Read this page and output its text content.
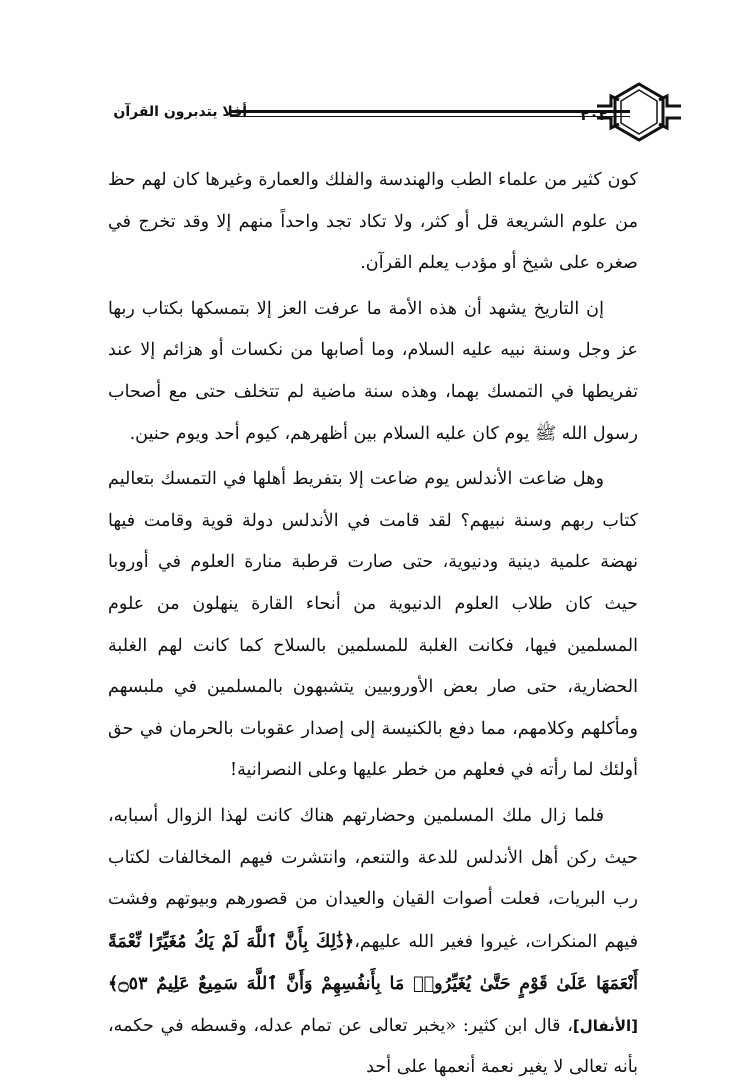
أفلا يتدبرون القرآن	٢٠٢

كون كثير من علماء الطب والهندسة والفلك والعمارة وغيرها كان لهم حظ من علوم الشريعة قل أو كثر، ولا تكاد تجد واحداً منهم إلا وقد تخرج في صغره على شيخ أو مؤدب يعلم القرآن.

إن التاريخ يشهد أن هذه الأمة ما عرفت العز إلا بتمسكها بكتاب ربها عز وجل وسنة نبيه عليه السلام، وما أصابها من نكسات أو هزائم إلا عند تفريطها في التمسك بهما، وهذه سنة ماضية لم تتخلف حتى مع أصحاب رسول الله ﷺ يوم كان عليه السلام بين أظهرهم، كيوم أحد ويوم حنين.

وهل ضاعت الأندلس يوم ضاعت إلا بتفريط أهلها في التمسك بتعاليم كتاب ربهم وسنة نبيهم؟ لقد قامت في الأندلس دولة قوية وقامت فيها نهضة علمية دينية ودنيوية، حتى صارت قرطبة منارة العلوم في أوروبا حيث كان طلاب العلوم الدنيوية من أنحاء القارة ينهلون من علوم المسلمين فيها، فكانت الغلبة للمسلمين بالسلاح كما كانت لهم الغلبة الحضارية، حتى صار بعض الأوروبيين يتشبهون بالمسلمين في ملبسهم ومأكلهم وكلامهم، مما دفع بالكنيسة إلى إصدار عقوبات بالحرمان في حق أولئك لما رأته في فعلهم من خطر عليها وعلى النصرانية!

فلما زال ملك المسلمين وحضارتهم هناك كانت لهذا الزوال أسبابه، حيث ركن أهل الأندلس للدعة والتنعم، وانتشرت فيهم المخالفات لكتاب رب البريات، فعلت أصوات القيان والعيدان من قصورهم وبيوتهم وفشت فيهم المنكرات، غيروا فغير الله عليهم،﴿ذَٰلِكَ بِأَنَّ ٱللَّهَ لَمْ يَكُ مُغَيِّرًا نِّعْمَةً أَنْعَمَهَا عَلَىٰ قَوْمٍ حَتَّىٰ يُغَيِّرُوا۟ مَا بِأَنفُسِهِمْ وَأَنَّ ٱللَّهَ سَمِيعٌ عَلِيمٌ ۝٥٣﴾[الأنفال]، قال ابن كثير: «يخبر تعالى عن تمام عدله، وقسطه في حكمه، بأنه تعالى لا يغير نعمة أنعمها على أحد
